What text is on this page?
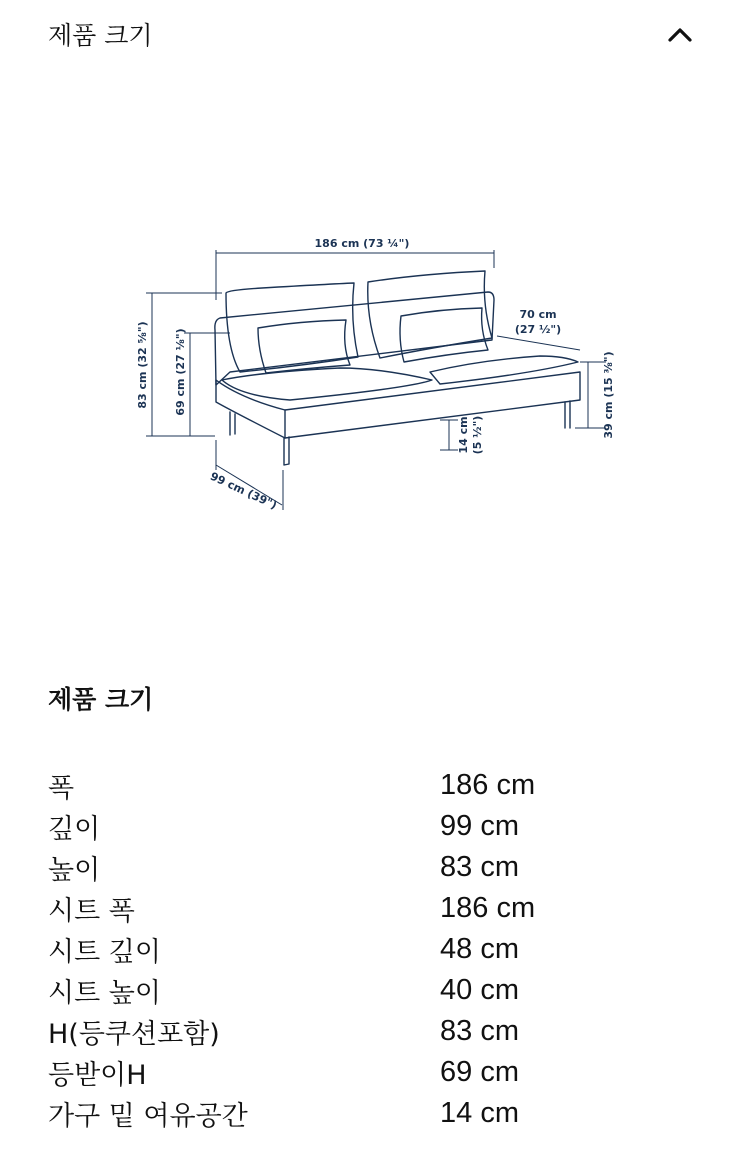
제품 크기
186 cm (73 ¼")
83 cm (32 ⅝") 69 cm (27 ⅛")
99 cm (39")
70 cm
(27 ½")
39 cm (15 ⅜")
14 cm (5 ½")
제품 크기
폭	186 cm
깊이	99 cm
높이	83 cm
시트 폭	186 cm
시트 깊이	48 cm
시트 높이	40 cm
H(등쿠션포함)	83 cm
등받이H	69 cm
가구 밑 여유공간	14 cm
